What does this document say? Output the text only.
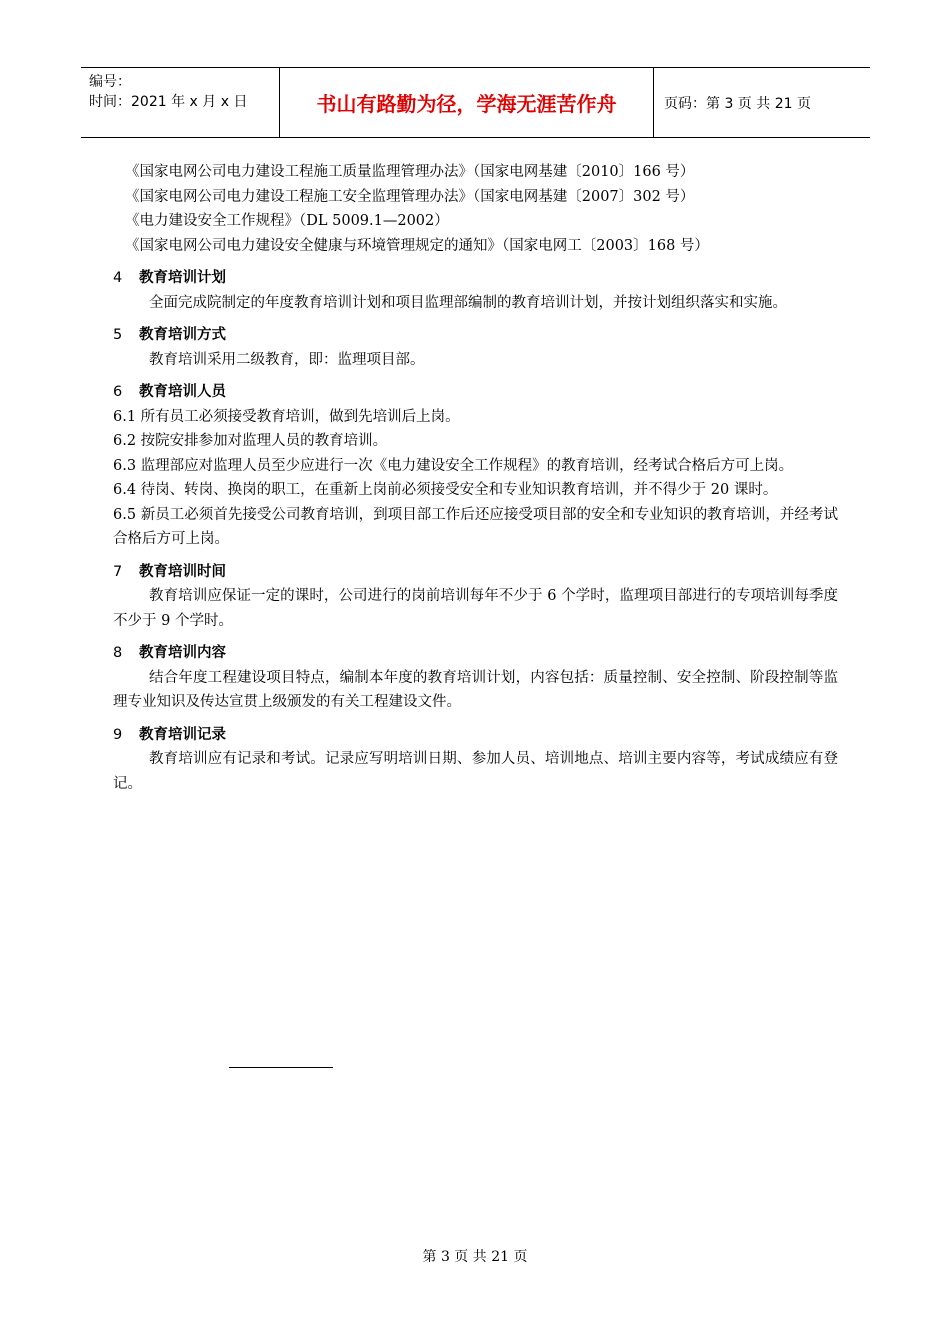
编号：
时间：2021 年 x 月 x 日	书山有路勤为径，学海无涯苦作舟	页码：第 3 页 共 21 页
《国家电网公司电力建设工程施工质量监理管理办法》（国家电网基建〔2010〕166 号）
《国家电网公司电力建设工程施工安全监理管理办法》（国家电网基建〔2007〕302 号）
《电力建设安全工作规程》（DL 5009.1—2002）
《国家电网公司电力建设安全健康与环境管理规定的通知》（国家电网工〔2003〕168 号）
4 教育培训计划
全面完成院制定的年度教育培训计划和项目监理部编制的教育培训计划，并按计划组织落实和实施。
5 教育培训方式
教育培训采用二级教育，即：监理项目部。
6 教育培训人员
6.1 所有员工必须接受教育培训，做到先培训后上岗。
6.2 按院安排参加对监理人员的教育培训。
6.3 监理部应对监理人员至少应进行一次《电力建设安全工作规程》的教育培训，经考试合格后方可上岗。
6.4 待岗、转岗、换岗的职工，在重新上岗前必须接受安全和专业知识教育培训，并不得少于 20 课时。
6.5 新员工必须首先接受公司教育培训，到项目部工作后还应接受项目部的安全和专业知识的教育培训，并经考试合格后方可上岗。
7 教育培训时间
教育培训应保证一定的课时，公司进行的岗前培训每年不少于 6 个学时，监理项目部进行的专项培训每季度不少于 9 个学时。
8 教育培训内容
结合年度工程建设项目特点，编制本年度的教育培训计划，内容包括：质量控制、安全控制、阶段控制等监理专业知识及传达宣贯上级颁发的有关工程建设文件。
9 教育培训记录
教育培训应有记录和考试。记录应写明培训日期、参加人员、培训地点、培训主要内容等，考试成绩应有登记。
第 3 页 共 21 页
